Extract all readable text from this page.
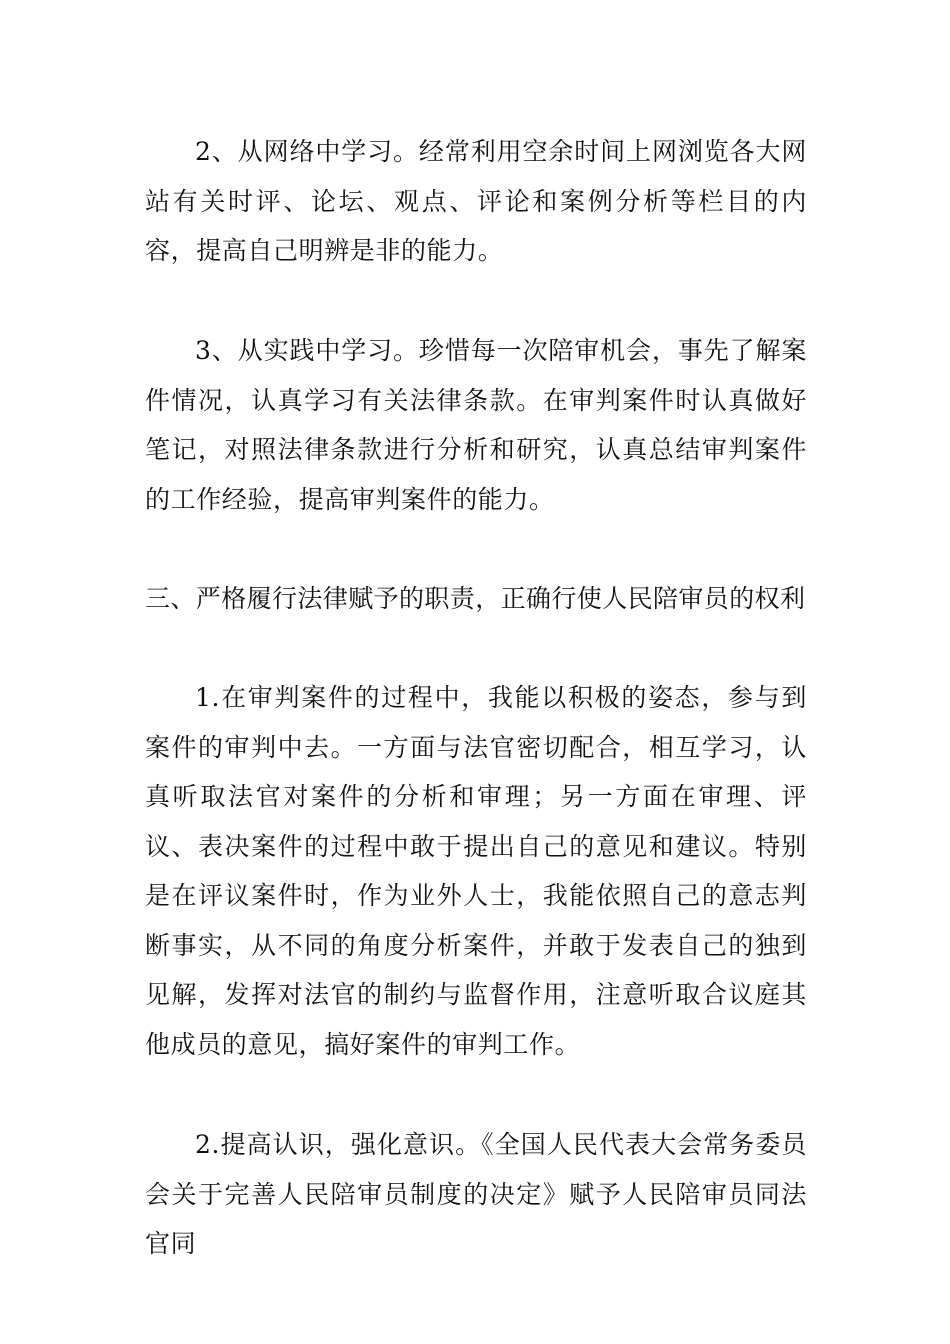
2、从网络中学习。经常利用空余时间上网浏览各大网站有关时评、论坛、观点、评论和案例分析等栏目的内容，提高自己明辨是非的能力。

3、从实践中学习。珍惜每一次陪审机会，事先了解案件情况，认真学习有关法律条款。在审判案件时认真做好笔记，对照法律条款进行分析和研究，认真总结审判案件的工作经验，提高审判案件的能力。

三、严格履行法律赋予的职责，正确行使人民陪审员的权利

1.在审判案件的过程中，我能以积极的姿态，参与到案件的审判中去。一方面与法官密切配合，相互学习，认真听取法官对案件的分析和审理；另一方面在审理、评议、表决案件的过程中敢于提出自己的意见和建议。特别是在评议案件时，作为业外人士，我能依照自己的意志判断事实，从不同的角度分析案件，并敢于发表自己的独到见解，发挥对法官的制约与监督作用，注意听取合议庭其他成员的意见，搞好案件的审判工作。

2.提高认识，强化意识。《全国人民代表大会常务委员会关于完善人民陪审员制度的决定》赋予人民陪审员同法官同
